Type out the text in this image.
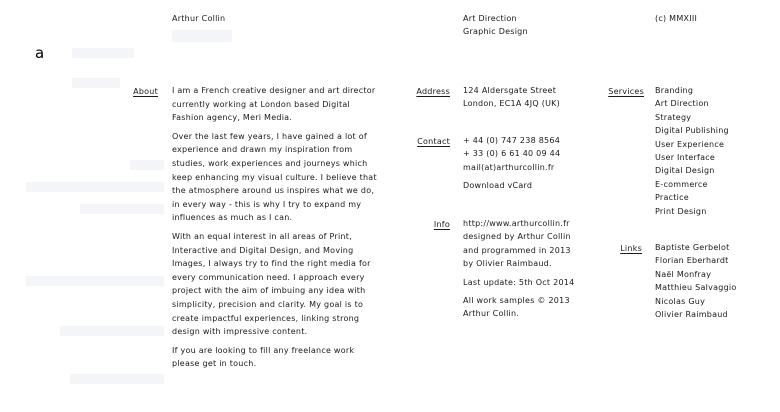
a
Arthur Collin	Art Direction
Graphic Design
(c) MMXIII
About I am a French creative designer and art director
currently working at London based Digital
Fashion agency, Meri Media.

Over the last few years, I have gained a lot of
experience and drawn my inspiration from
studies, work experiences and journeys which
keep enhancing my visual culture. I believe that
the atmosphere around us inspires what we do,
in every way - this is why I try to expand my
influences as much as I can.

With an equal interest in all areas of Print,
Interactive and Digital Design, and Moving
Images, I always try to find the right media for
every communication need. I approach every
project with the aim of imbuing any idea with
simplicity, precision and clarity. My goal is to
create impactful experiences, linking strong
design with impressive content.

If you are looking to fill any freelance work
please get in touch.

Address 124 Aldersgate Street
London, EC1A 4JQ (UK)
Contact + 44 (0) 747 238 8564
+ 33 (0) 6 61 40 09 44
mail(at)arthurcollin.fr
Download vCard
Info http://www.arthurcollin.fr
designed by Arthur Collin
and programmed in 2013
by Olivier Raimbaud.
Last update: 5th Oct 2014
All work samples © 2013
Arthur Collin.
Services Branding
Art Direction
Strategy
Digital Publishing
User Experience
User Interface
Digital Design
E-commerce
Practice
Print Design
Links Baptiste Gerbelot
Florian Eberhardt
Naël Monfray
Matthieu Salvaggio
Nicolas Guy
Olivier Raimbaud
